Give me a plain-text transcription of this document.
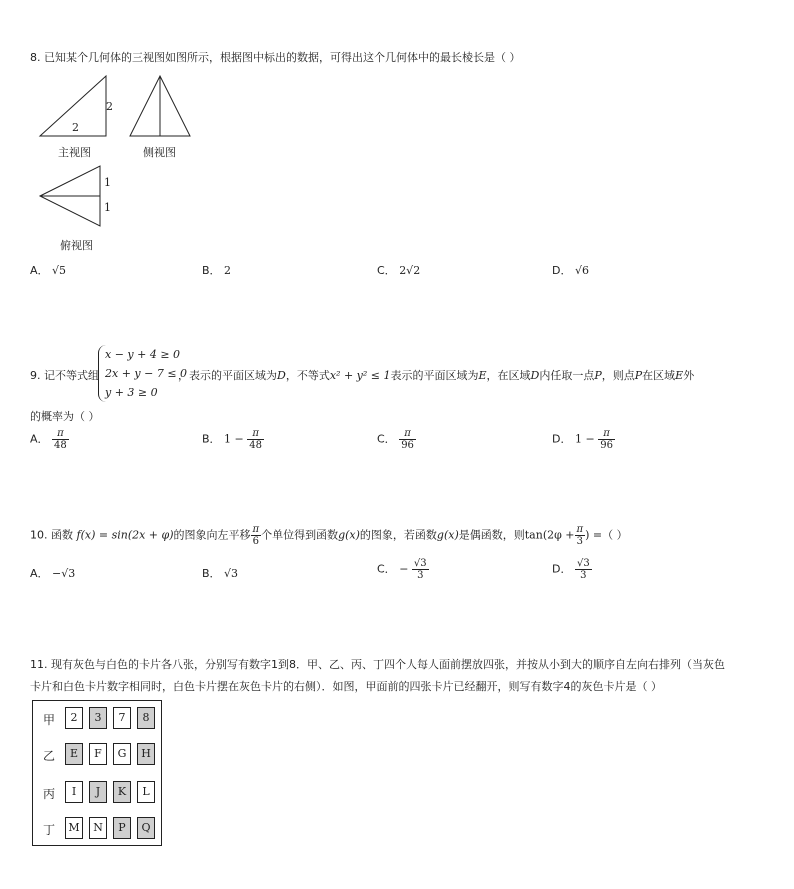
8. 已知某个几何体的三视图如图所示，根据图中标出的数据，可得出这个几何体中的最长棱长是（ ）
2
2
主视图	侧视图
1
1
俯视图
A． √5	B． 2	C． 2√2	D． √6
9. 记不等式组
x − y + 4 ≥ 0
2x + y − 7 ≤ 0
y + 3 ≥ 0
，表示的平面区域为D，不等式x² + y² ≤ 1表示的平面区域为E，在区域D内任取一点P，则点P在区域E外
的概率为（ ）
A． $\frac{\pi}{48}$	B． $1 - \frac{\pi}{48}$	C． $\frac{\pi}{96}$	D． $1 - \frac{\pi}{96}$
10. 函数 f(x) = sin(2x + φ)的图象向左平移 $\frac{\pi}{6}$ 个单位得到函数g(x)的图象，若函数g(x)是偶函数，则$\tan(2\varphi + \frac{\pi}{3}$ ) =（ ）
A． −√3	B． √3	C． − $\frac{√3}{3}$	D． $\frac{√3}{3}$
11. 现有灰色与白色的卡片各八张，分别写有数字1到8．甲、乙、丙、丁四个人每人面前摆放四张，并按从小到大的顺序自左向右排列（当灰色
卡片和白色卡片数字相同时，白色卡片摆在灰色卡片的右侧）．如图，甲面前的四张卡片已经翻开，则写有数字4的灰色卡片是（ ）
甲	2	3	7	8
乙	E	F	G	H
丙	I	J	K	L
丁	M	N	P	Q
